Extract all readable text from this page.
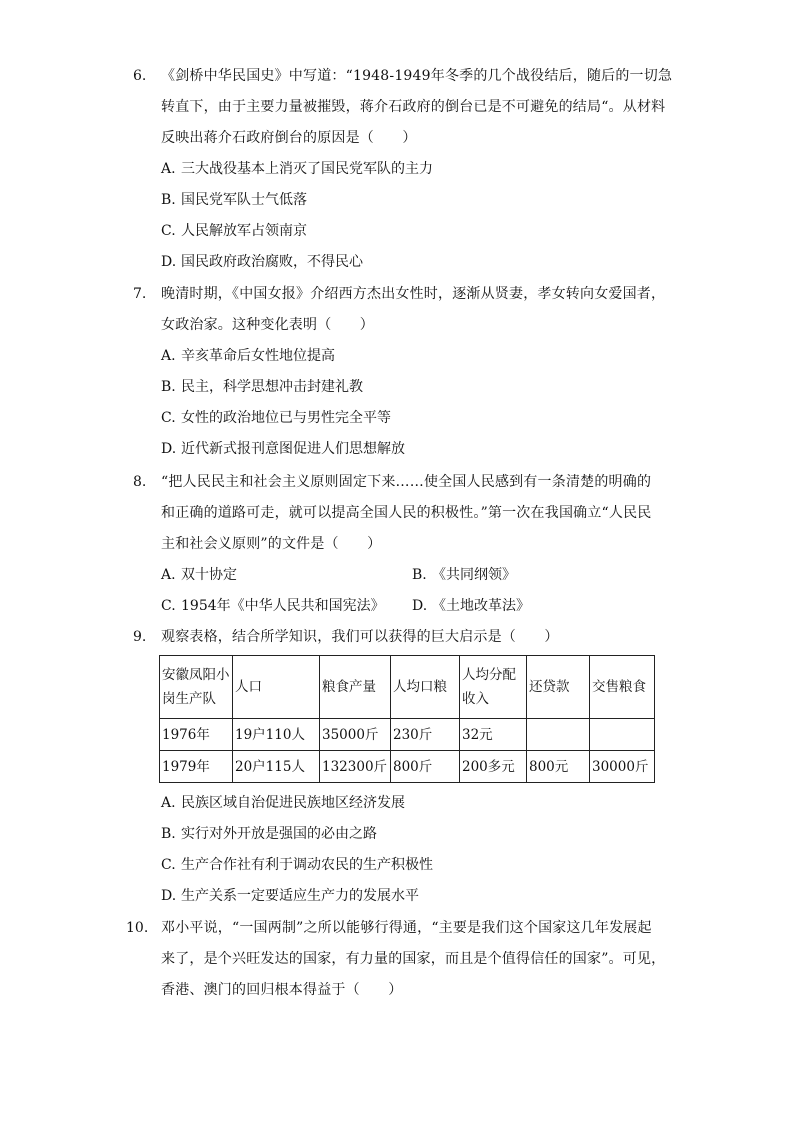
6. 《剑桥中华民国史》中写道：“1948-1949年冬季的几个战役结后，随后的一切急
转直下，由于主要力量被摧毁，蒋介石政府的倒台已是不可避免的结局“。从材料
反映出蒋介石政府倒台的原因是（　　）
A. 三大战役基本上消灭了国民党军队的主力
B. 国民党军队士气低落
C. 人民解放军占领南京
D. 国民政府政治腐败，不得民心
7. 晚清时期，《中国女报》介绍西方杰出女性时，逐渐从贤妻，孝女转向女爱国者，
女政治家。这种变化表明（　　）
A. 辛亥革命后女性地位提高
B. 民主，科学思想冲击封建礼教
C. 女性的政治地位已与男性完全平等
D. 近代新式报刊意图促进人们思想解放
8. “把人民民主和社会主义原则固定下来……使全国人民感到有一条清楚的明确的
和正确的道路可走，就可以提高全国人民的积极性。”第一次在我国确立“人民民
主和社会义原则”的文件是（　　）
A. 双十协定	B. 《共同纲领》
C. 1954年《中华人民共和国宪法》 D. 《土地改革法》
9. 观察表格，结合所学知识，我们可以获得的巨大启示是（　　）
安徽凤阳小岗生产队	人口	粮食产量	人均口粮	人均分配收入	还贷款	交售粮食
1976年	19户110人	35000斤	230斤	32元		
1979年	20户115人	132300斤	800斤	200多元	800元	30000斤
A. 民族区域自治促进民族地区经济发展
B. 实行对外开放是强国的必由之路
C. 生产合作社有利于调动农民的生产积极性
D. 生产关系一定要适应生产力的发展水平
10. 邓小平说，“一国两制”之所以能够行得通，“主要是我们这个国家这几年发展起
来了，是个兴旺发达的国家，有力量的国家，而且是个值得信任的国家”。可见，
香港、澳门的回归根本得益于（　　）
